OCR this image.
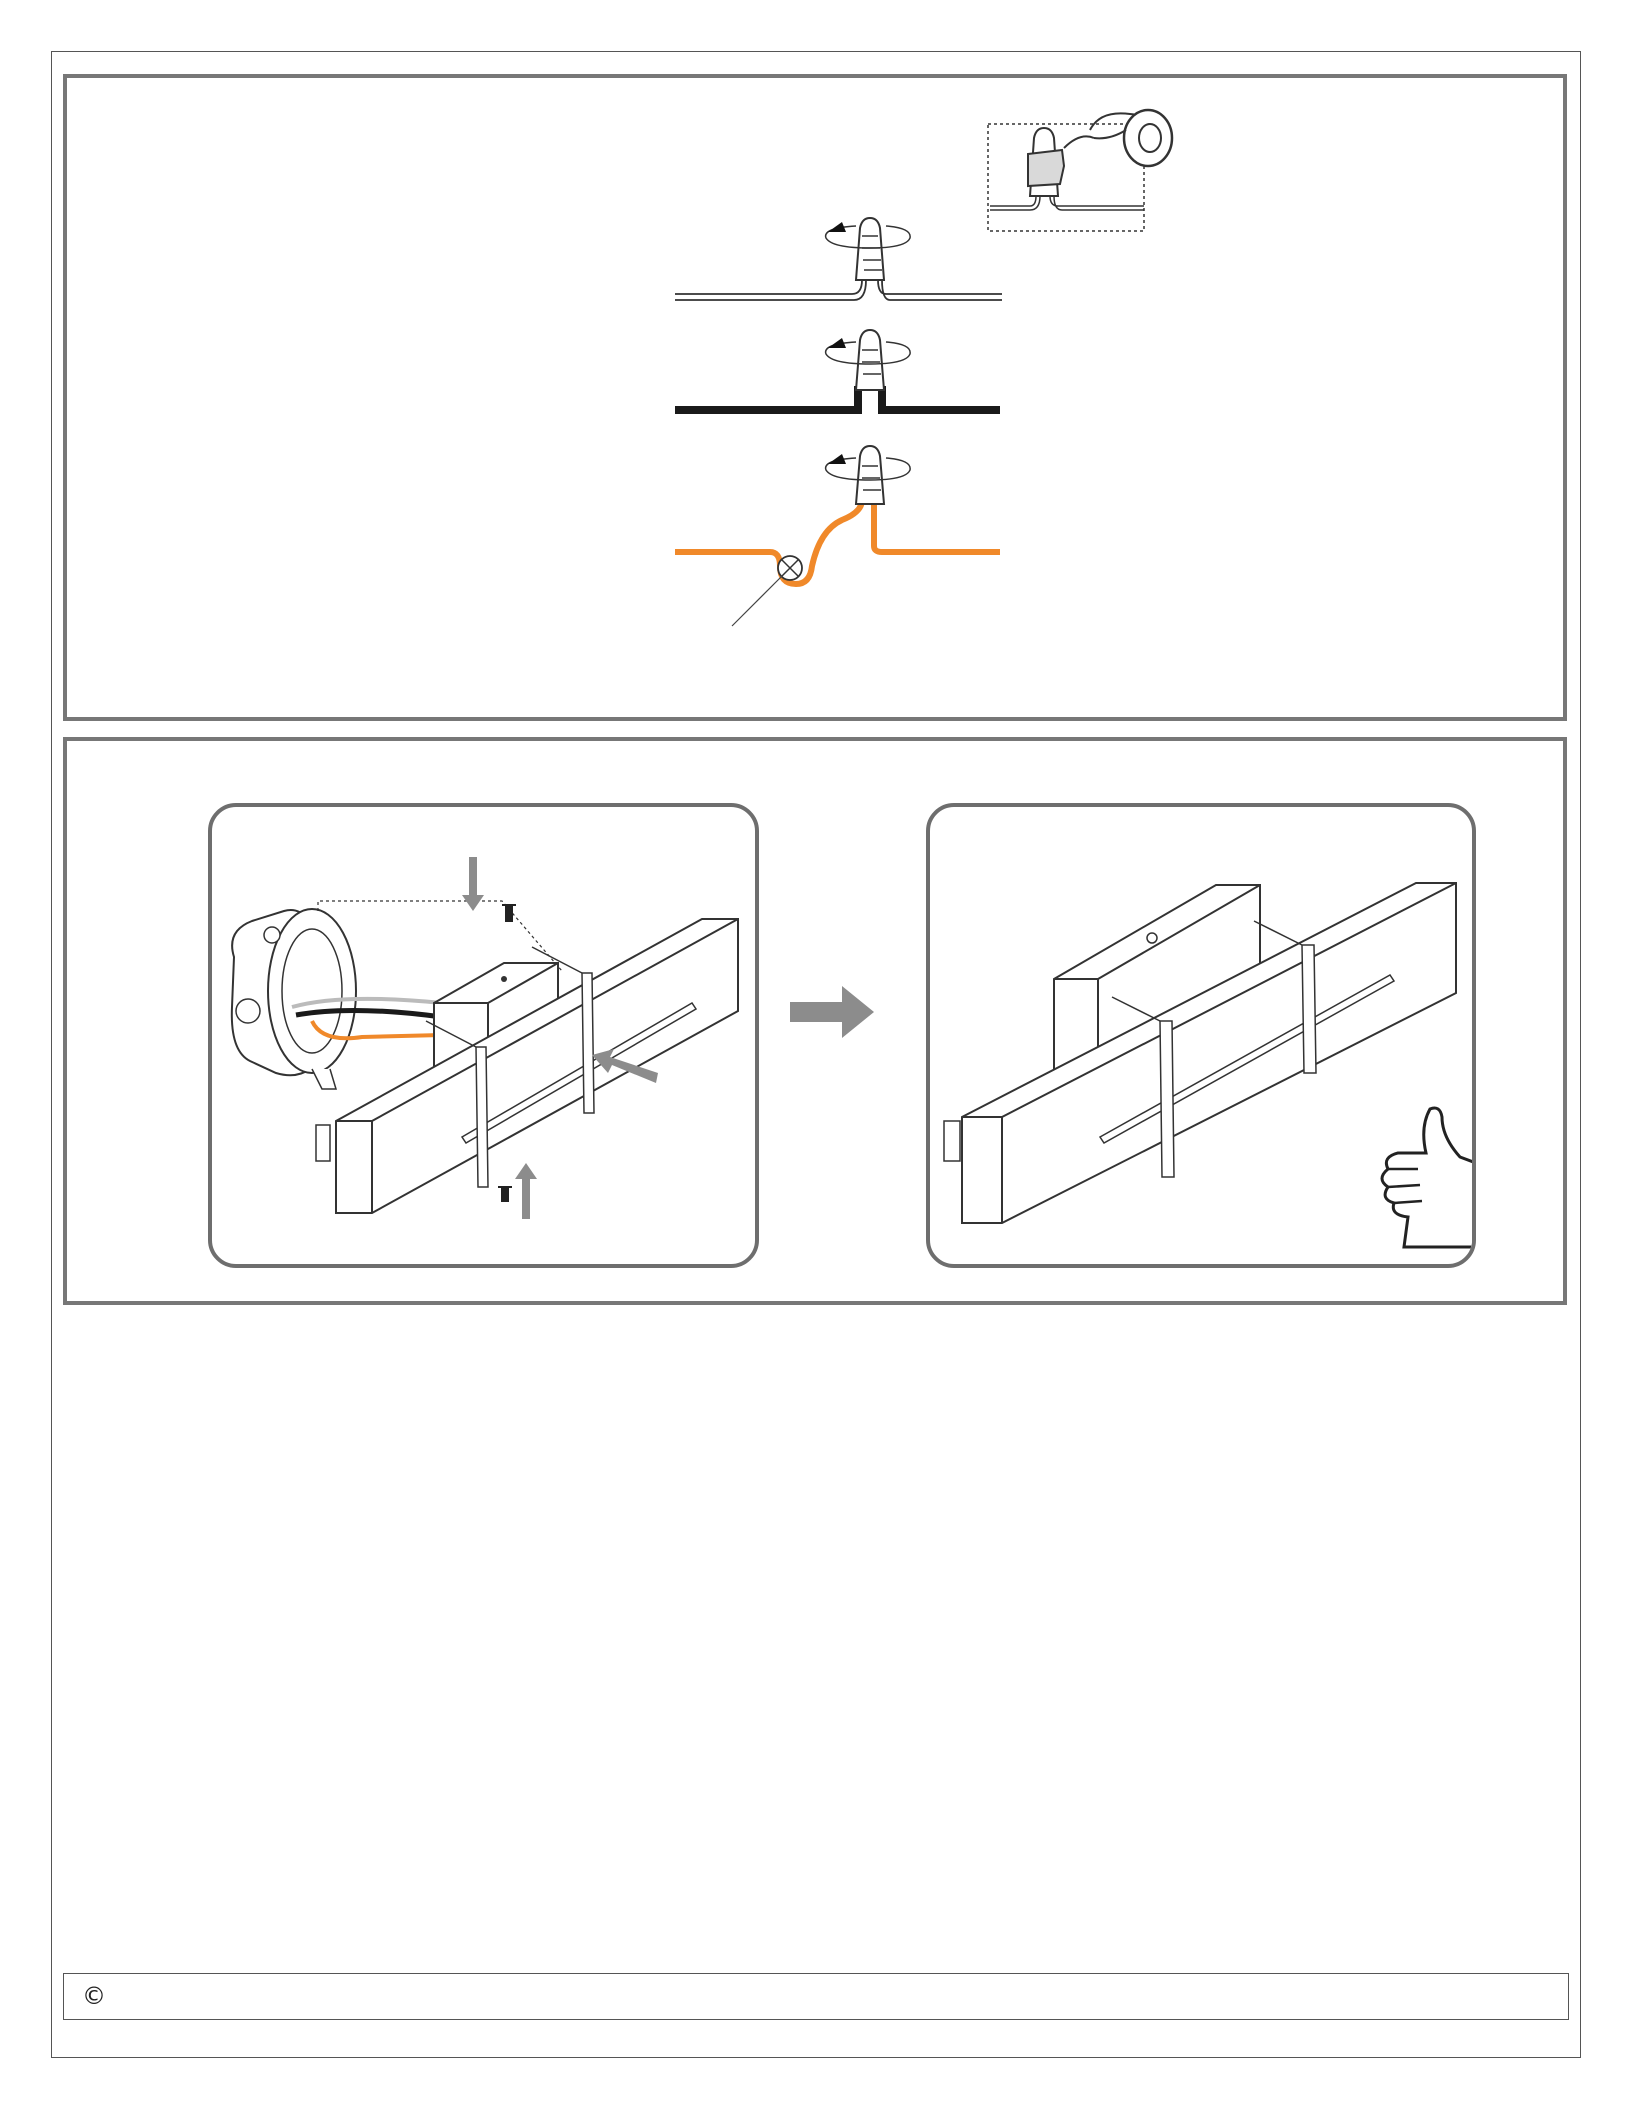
©
